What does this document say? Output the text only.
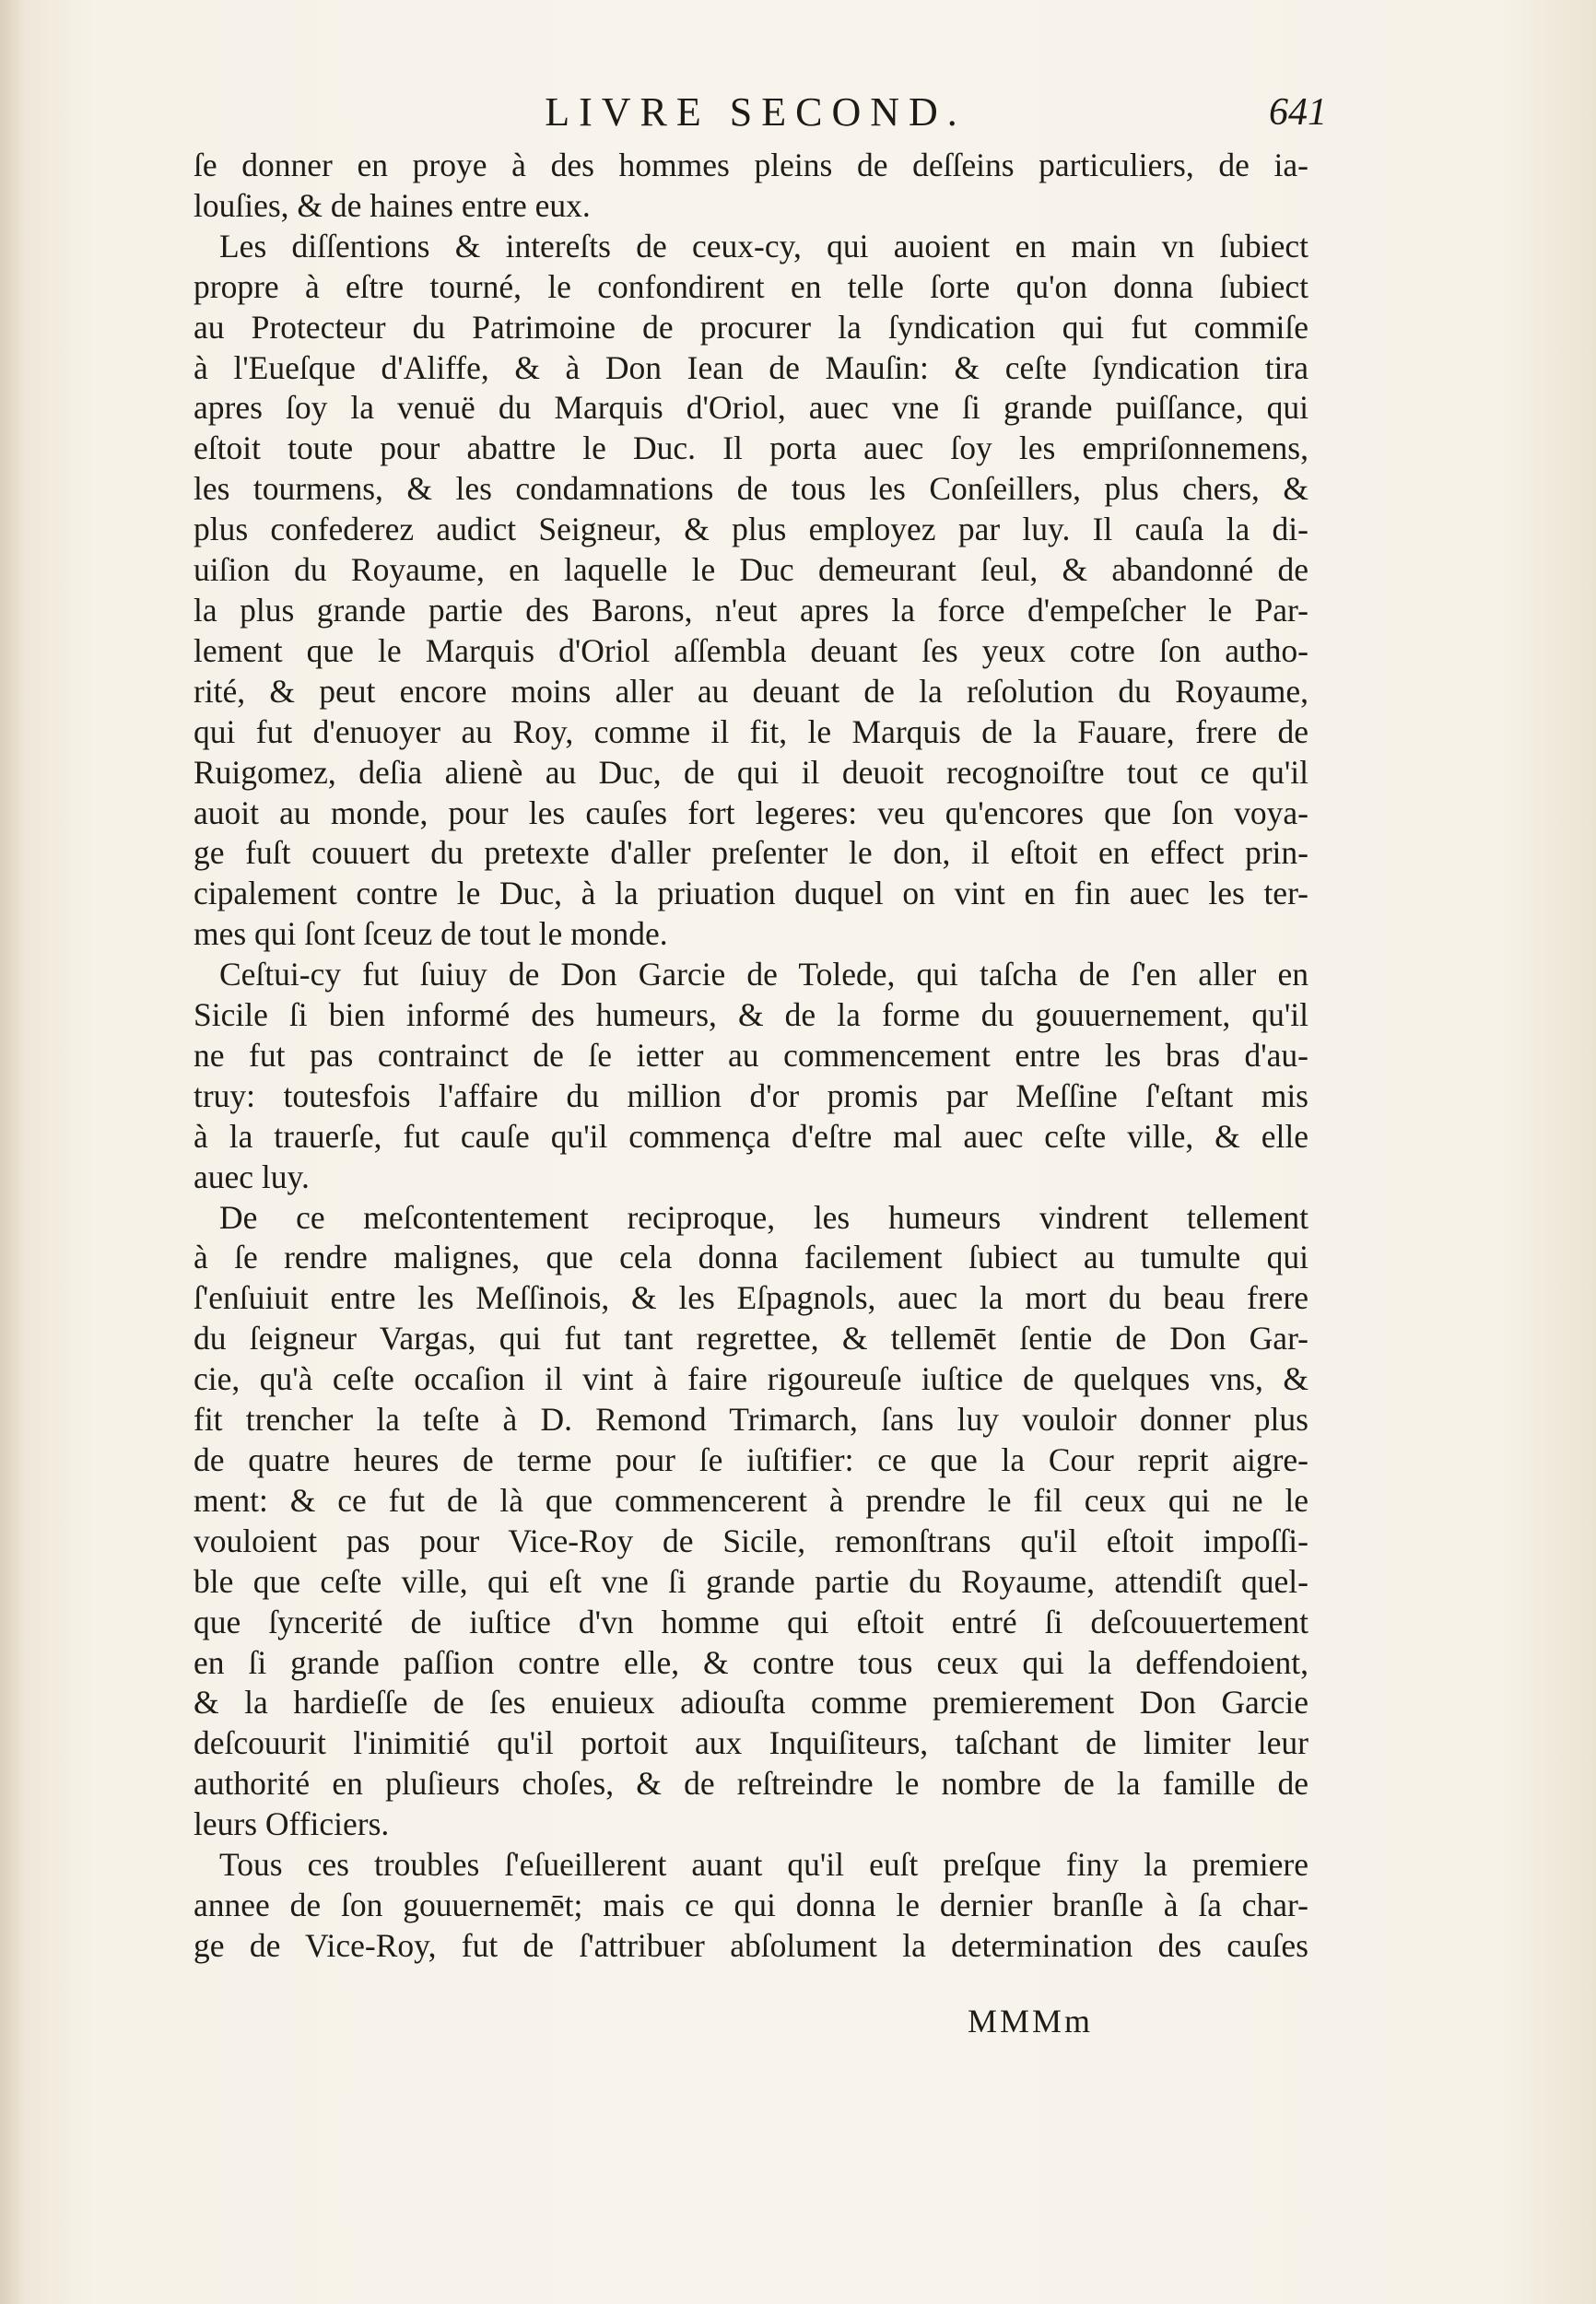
LIVRE SECOND.	641
ſe donner en proye à des hommes pleins de deſſeins particuliers, de ia-
louſies, & de haines entre eux.
Les diſſentions & intereſts de ceux-cy, qui auoient en main vn ſubiect
propre à eſtre tourné, le confondirent en telle ſorte qu'on donna ſubiect
au Protecteur du Patrimoine de procurer la ſyndication qui fut commiſe
à l'Eueſque d'Aliffe, & à Don Iean de Mauſin: & ceſte ſyndication tira
apres ſoy la venuë du Marquis d'Oriol, auec vne ſi grande puiſſance, qui
eſtoit toute pour abattre le Duc. Il porta auec ſoy les empriſonnemens,
les tourmens, & les condamnations de tous les Conſeillers, plus chers, &
plus confederez audict Seigneur, & plus employez par luy. Il cauſa la di-
uiſion du Royaume, en laquelle le Duc demeurant ſeul, & abandonné de
la plus grande partie des Barons, n'eut apres la force d'empeſcher le Par-
lement que le Marquis d'Oriol aſſembla deuant ſes yeux cotre ſon autho-
rité, & peut encore moins aller au deuant de la reſolution du Royaume,
qui fut d'enuoyer au Roy, comme il fit, le Marquis de la Fauare, frere de
Ruigomez, deſia alienè au Duc, de qui il deuoit recognoiſtre tout ce qu'il
auoit au monde, pour les cauſes fort legeres: veu qu'encores que ſon voya-
ge fuſt couuert du pretexte d'aller preſenter le don, il eſtoit en effect prin-
cipalement contre le Duc, à la priuation duquel on vint en fin auec les ter-
mes qui ſont ſceuz de tout le monde.
Ceſtui-cy fut ſuiuy de Don Garcie de Tolede, qui taſcha de ſ'en aller en
Sicile ſi bien informé des humeurs, & de la forme du gouuernement, qu'il
ne fut pas contrainct de ſe ietter au commencement entre les bras d'au-
truy: toutesfois l'affaire du million d'or promis par Meſſine ſ'eſtant mis
à la trauerſe, fut cauſe qu'il commença d'eſtre mal auec ceſte ville, & elle
auec luy.
De ce meſcontentement reciproque, les humeurs vindrent tellement
à ſe rendre malignes, que cela donna facilement ſubiect au tumulte qui
ſ'enſuiuit entre les Meſſinois, & les Eſpagnols, auec la mort du beau frere
du ſeigneur Vargas, qui fut tant regrettee, & tellemēt ſentie de Don Gar-
cie, qu'à ceſte occaſion il vint à faire rigoureuſe iuſtice de quelques vns, &
fit trencher la teſte à D. Remond Trimarch, ſans luy vouloir donner plus
de quatre heures de terme pour ſe iuſtifier: ce que la Cour reprit aigre-
ment: & ce fut de là que commencerent à prendre le fil ceux qui ne le
vouloient pas pour Vice-Roy de Sicile, remonſtrans qu'il eſtoit impoſſi-
ble que ceſte ville, qui eſt vne ſi grande partie du Royaume, attendiſt quel-
que ſyncerité de iuſtice d'vn homme qui eſtoit entré ſi deſcouuertement
en ſi grande paſſion contre elle, & contre tous ceux qui la deffendoient,
& la hardieſſe de ſes enuieux adiouſta comme premierement Don Garcie
deſcouurit l'inimitié qu'il portoit aux Inquiſiteurs, taſchant de limiter leur
authorité en pluſieurs choſes, & de reſtreindre le nombre de la famille de
leurs Officiers.
Tous ces troubles ſ'eſueillerent auant qu'il euſt preſque finy la premiere
annee de ſon gouuernemēt; mais ce qui donna le dernier branſle à ſa char-
ge de Vice-Roy, fut de ſ'attribuer abſolument la determination des cauſes
MMMm
